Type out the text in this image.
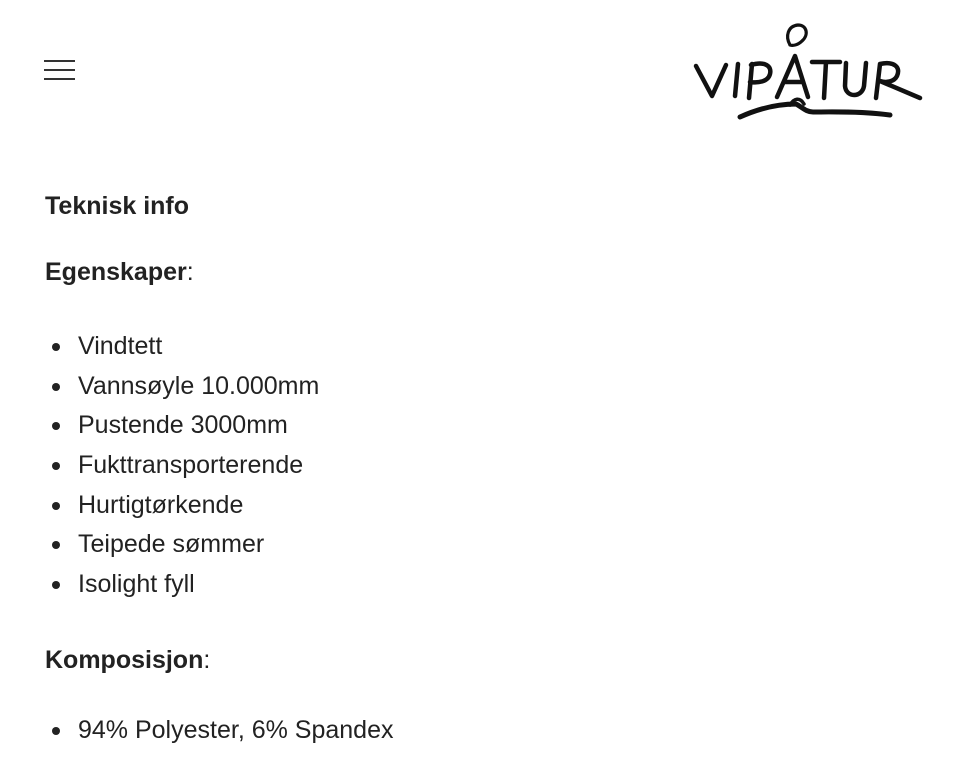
Teknisk info

Egenskaper:

Vindtett
Vannsøyle 10.000mm
Pustende 3000mm
Fukttransporterende
Hurtigtørkende
Teipede sømmer
Isolight fyll

Komposisjon:

94% Polyester, 6% Spandex
